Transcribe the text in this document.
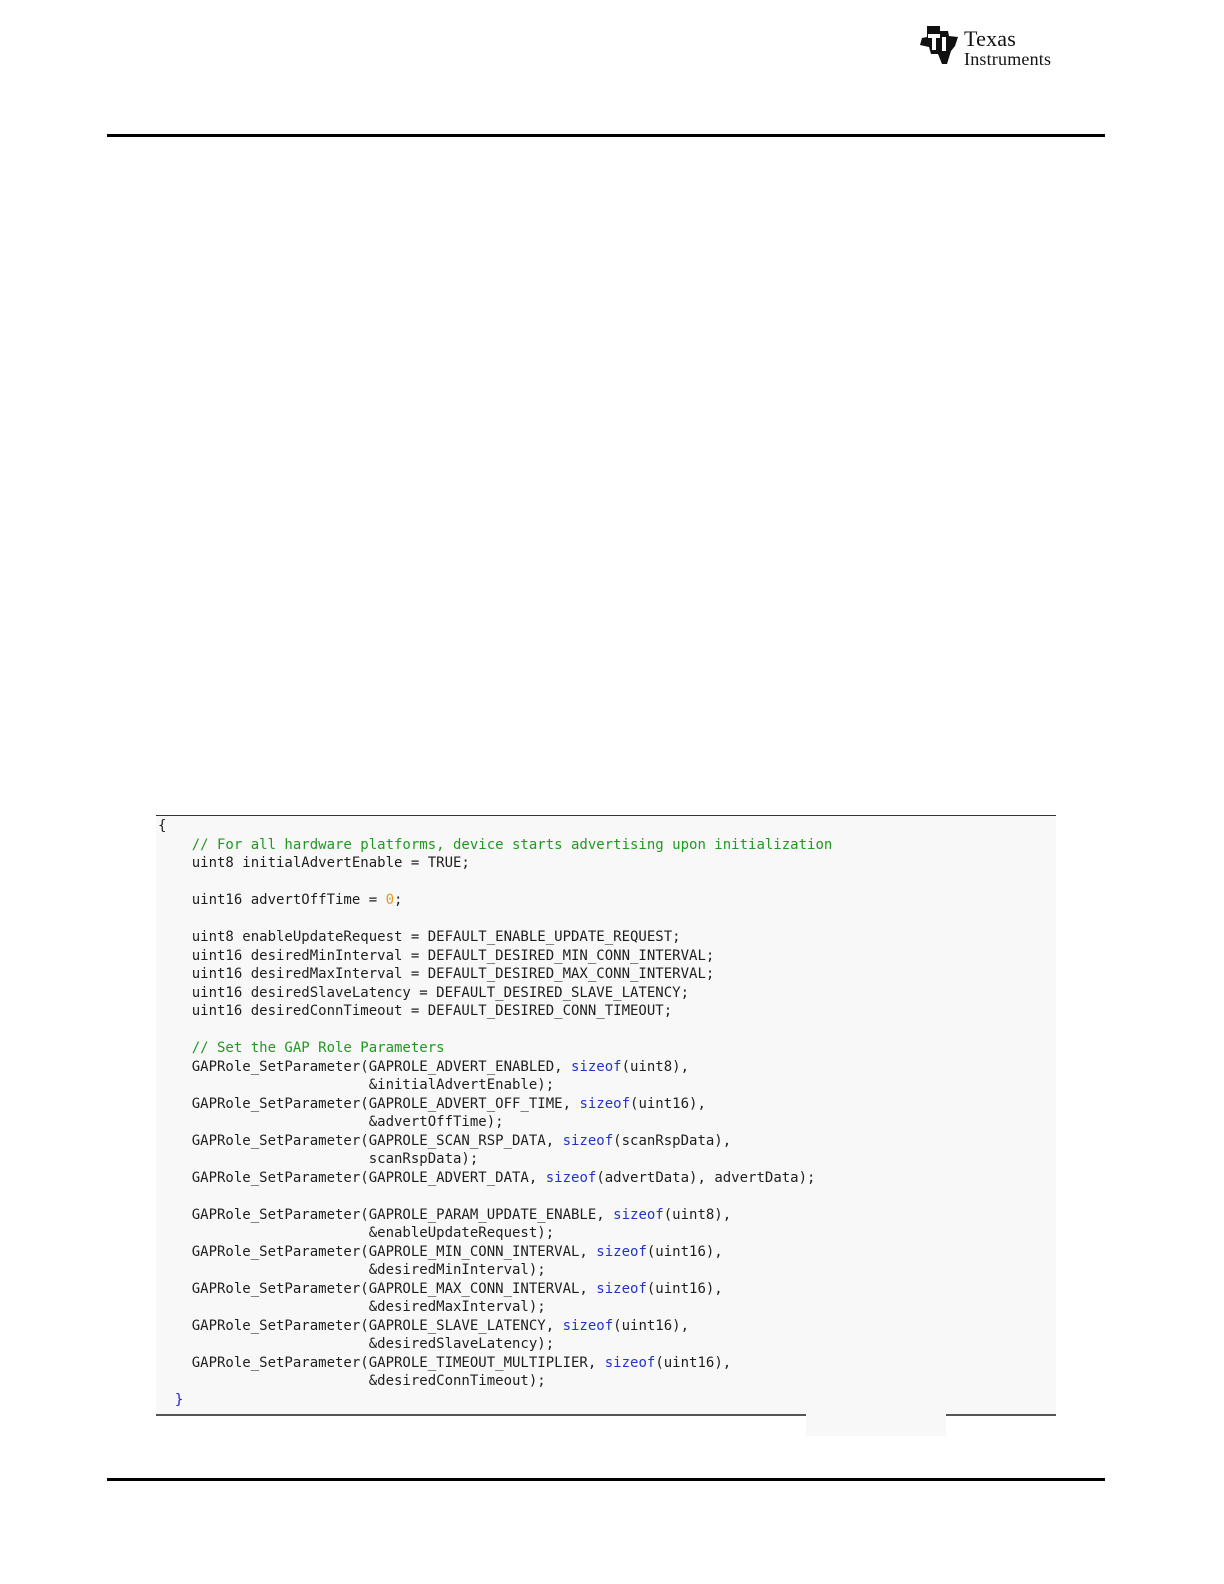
Texas
Instruments
{
// For all hardware platforms, device starts advertising upon initialization
uint8 initialAdvertEnable = TRUE;

uint16 advertOffTime = 0;

uint8 enableUpdateRequest = DEFAULT_ENABLE_UPDATE_REQUEST;
uint16 desiredMinInterval = DEFAULT_DESIRED_MIN_CONN_INTERVAL;
uint16 desiredMaxInterval = DEFAULT_DESIRED_MAX_CONN_INTERVAL;
uint16 desiredSlaveLatency = DEFAULT_DESIRED_SLAVE_LATENCY;
uint16 desiredConnTimeout = DEFAULT_DESIRED_CONN_TIMEOUT;

// Set the GAP Role Parameters
GAPRole_SetParameter(GAPROLE_ADVERT_ENABLED, sizeof(uint8),
&initialAdvertEnable);
GAPRole_SetParameter(GAPROLE_ADVERT_OFF_TIME, sizeof(uint16),
&advertOffTime);
GAPRole_SetParameter(GAPROLE_SCAN_RSP_DATA, sizeof(scanRspData),
scanRspData);
GAPRole_SetParameter(GAPROLE_ADVERT_DATA, sizeof(advertData), advertData);

GAPRole_SetParameter(GAPROLE_PARAM_UPDATE_ENABLE, sizeof(uint8),
&enableUpdateRequest);
GAPRole_SetParameter(GAPROLE_MIN_CONN_INTERVAL, sizeof(uint16),
&desiredMinInterval);
GAPRole_SetParameter(GAPROLE_MAX_CONN_INTERVAL, sizeof(uint16),
&desiredMaxInterval);
GAPRole_SetParameter(GAPROLE_SLAVE_LATENCY, sizeof(uint16),
&desiredSlaveLatency);
GAPRole_SetParameter(GAPROLE_TIMEOUT_MULTIPLIER, sizeof(uint16),
&desiredConnTimeout);
}
